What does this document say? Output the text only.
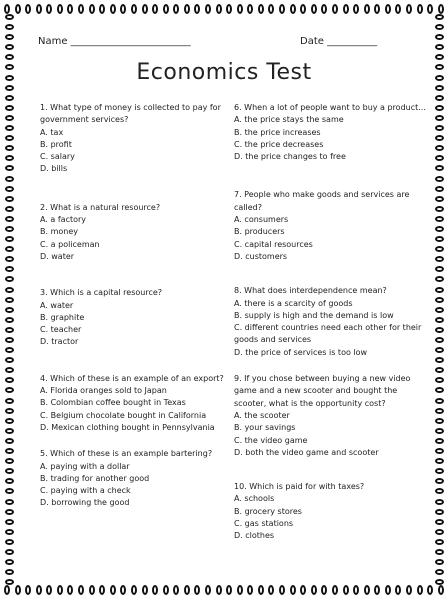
Name ________________________	Date __________
Economics Test
1. What type of money is collected to pay for government services?
A. tax
B. profit
C. salary
D. bills
2. What is a natural resource?
A. a factory
B. money
C. a policeman
D. water
3. Which is a capital resource?
A. water
B. graphite
C. teacher
D. tractor
4. Which of these is an example of an export?
A. Florida oranges sold to Japan
B. Colombian coffee bought in Texas
C. Belgium chocolate bought in California
D. Mexican clothing bought in Pennsylvania
5. Which of these is an example bartering?
A. paying with a dollar
B. trading for another good
C. paying with a check
D. borrowing the good
6. When a lot of people want to buy a product...
A. the price stays the same
B. the price increases
C. the price decreases
D. the price changes to free
7. People who make goods and services are called?
A. consumers
B. producers
C. capital resources
D. customers
8. What does interdependence mean?
A. there is a scarcity of goods
B. supply is high and the demand is low
C. different countries need each other for their goods and services
D. the price of services is too low
9. If you chose between buying a new video game and a new scooter and bought the scooter, what is the opportunity cost?
A. the scooter
B. your savings
C. the video game
D. both the video game and scooter
10. Which is paid for with taxes?
A. schools
B. grocery stores
C. gas stations
D. clothes
